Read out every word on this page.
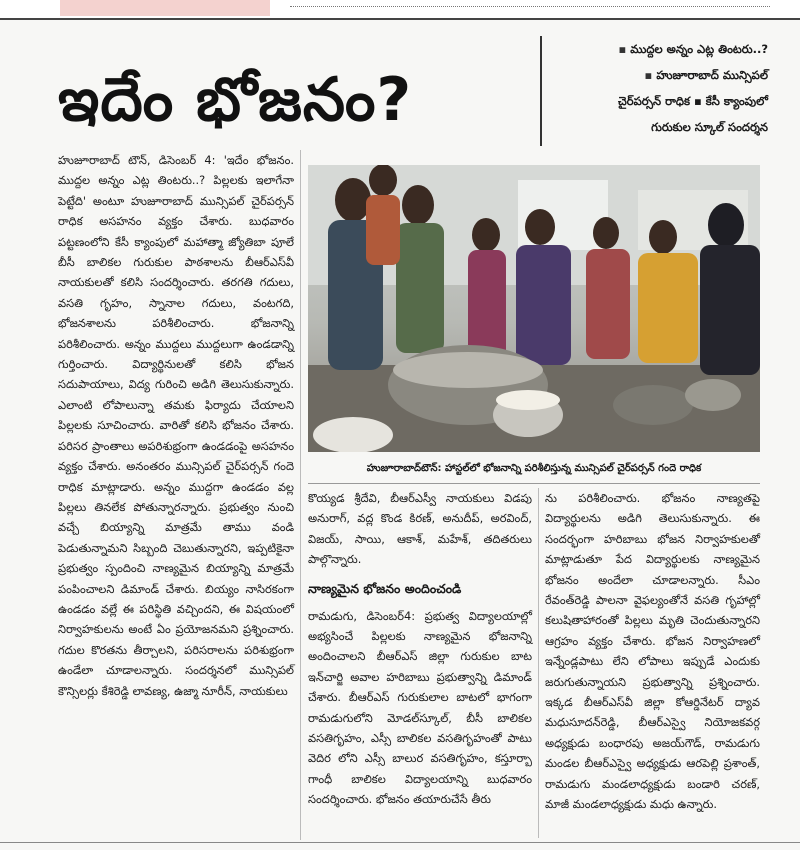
ఇదేం భోజనం?
▪ ముద్దల అన్నం ఎట్ల తింటరు..?
▪ హుజూరాబాద్ మున్సిపల్
చైర్‌పర్సన్ రాధిక ▪ కేసీ క్యాంపులో
గురుకుల స్కూల్ సందర్శన
హుజూరాబాద్‌టౌన్: హాస్టల్‌లో భోజనాన్ని పరిశీలిస్తున్న మున్సిపల్ చైర్‌పర్సన్ గందె రాధిక

హుజూరాబాద్ టౌన్, డిసెంబర్ 4: 'ఇదేం భోజనం. ముద్దల అన్నం ఎట్ల తింటరు..? పిల్లలకు ఇలాగేనా పెట్టేది' అంటూ హుజూరాబాద్ మున్సిపల్ చైర్‌పర్సన్ రాధిక అసహనం వ్యక్తం చేశారు. బుధవారం పట్టణంలోని కేసీ క్యాంపులో మహాత్మా జ్యోతిబా పూలే బీసీ బాలికల గురుకుల పాఠశాలను బీఆర్‌ఎస్‌వీ నాయకులతో కలిసి సందర్శించారు. తరగతి గదులు, వసతి గృహం, స్నానాల గదులు, వంటగది, భోజనశాలను పరిశీలించారు. భోజనాన్ని పరిశీలించారు. అన్నం ముద్దలు ముద్దలుగా ఉండడాన్ని గుర్తించారు. విద్యార్థినులతో కలిసి భోజన సదుపాయాలు, విద్య గురించి అడిగి తెలుసుకున్నారు. ఎలాంటి లోపాలున్నా తమకు ఫిర్యాదు చేయాలని పిల్లలకు సూచించారు. వారితో కలిసి భోజనం చేశారు. పరిసర ప్రాంతాలు అపరిశుభ్రంగా ఉండడంపై అసహనం వ్యక్తం చేశారు. అనంతరం మున్సిపల్ చైర్‌పర్సన్ గందె రాధిక మాట్లాడారు. అన్నం ముద్దగా ఉండడం వల్ల పిల్లలు తినలేక పోతున్నారన్నారు. ప్రభుత్వం నుంచి వచ్చే బియ్యాన్ని మాత్రమే తాము వండి పెడుతున్నామని సిబ్బంది చెబుతున్నారని, ఇప్పటికైనా ప్రభుత్వం స్పందించి నాణ్యమైన బియ్యాన్ని మాత్రమే పంపించాలని డిమాండ్ చేశారు. బియ్యం నాసిరకంగా ఉండడం వల్లే ఈ పరిస్థితి వచ్చిందని, ఈ విషయంలో నిర్వాహకులను అంటే ఏం ప్రయోజనమని ప్రశ్నించారు. గదుల కొరతను తీర్చాలని, పరిసరాలను పరిశుభ్రంగా ఉండేలా చూడాలన్నారు. సందర్శనలో మున్సిపల్ కౌన్సిలర్లు కేశిరెడ్డి లావణ్య, ఉజ్మా నూరీన్, నాయకులు

కొయ్యడ శ్రీదేవి, బీఆర్‌ఎస్వీ నాయకులు విడపు అనురాగ్, వద్ల కొండ కిరణ్, అనుదీప్, అరవింద్, విజయ్, సాయి, ఆకాశ్, మహేశ్, తదితరులు పాల్గొన్నారు.

నాణ్యమైన భోజనం అందించండి

రామడుగు, డిసెంబర్4: ప్రభుత్వ విద్యాలయాల్లో అభ్యసించే పిల్లలకు నాణ్యమైన భోజనాన్ని అందించాలని బీఆర్‌ఎస్ జిల్లా గురుకుల బాట ఇన్‌చార్జి అవాల హరిబాబు ప్రభుత్వాన్ని డిమాండ్ చేశారు. బీఆర్‌ఎస్ గురుకులాల బాటలో భాగంగా రామడుగులోని మోడల్‌స్కూల్, బీసీ బాలికల వసతిగృహం, ఎస్సీ బాలికల వసతిగృహంతో పాటు వెదిర లోని ఎస్సీ బాలుర వసతిగృహం, కస్తూర్బా గాంధీ బాలికల విద్యాలయాన్ని బుధవారం సందర్శించారు. భోజనం తయారుచేసే తీరు

ను పరిశీలించారు. భోజనం నాణ్యతపై విద్యార్థులను అడిగి తెలుసుకున్నారు. ఈ సందర్భంగా హరిబాబు భోజన నిర్వాహకులతో మాట్లాడుతూ పేద విద్యార్థులకు నాణ్యమైన భోజనం అందేలా చూడాలన్నారు. సీఎం రేవంత్‌రెడ్డి పాలనా వైఫల్యంతోనే వసతి గృహాల్లో కలుషితాహారంతో పిల్లలు మృతి చెందుతున్నారని ఆగ్రహం వ్యక్తం చేశారు. భోజన నిర్వాహణలో ఇన్నేండ్లపాటు లేని లోపాలు ఇప్పుడే ఎందుకు జరుగుతున్నాయని ప్రభుత్వాన్ని ప్రశ్నించారు. ఇక్కడ బీఆర్‌ఎస్‌వీ జిల్లా కోఆర్డినేటర్ ద్యావ మధుసూదన్‌రెడ్డి, బీఆర్‌ఎస్వై నియోజకవర్గ అధ్యక్షుడు బంధారపు అజయ్‌గౌడ్, రామడుగు మండల బీఆర్‌ఎస్వై అధ్యక్షుడు ఆరపెల్లి ప్రశాంత్, రామడుగు మండలాధ్యక్షుడు బండారి చరణ్, మాజీ మండలాధ్యక్షుడు మధు ఉన్నారు.
